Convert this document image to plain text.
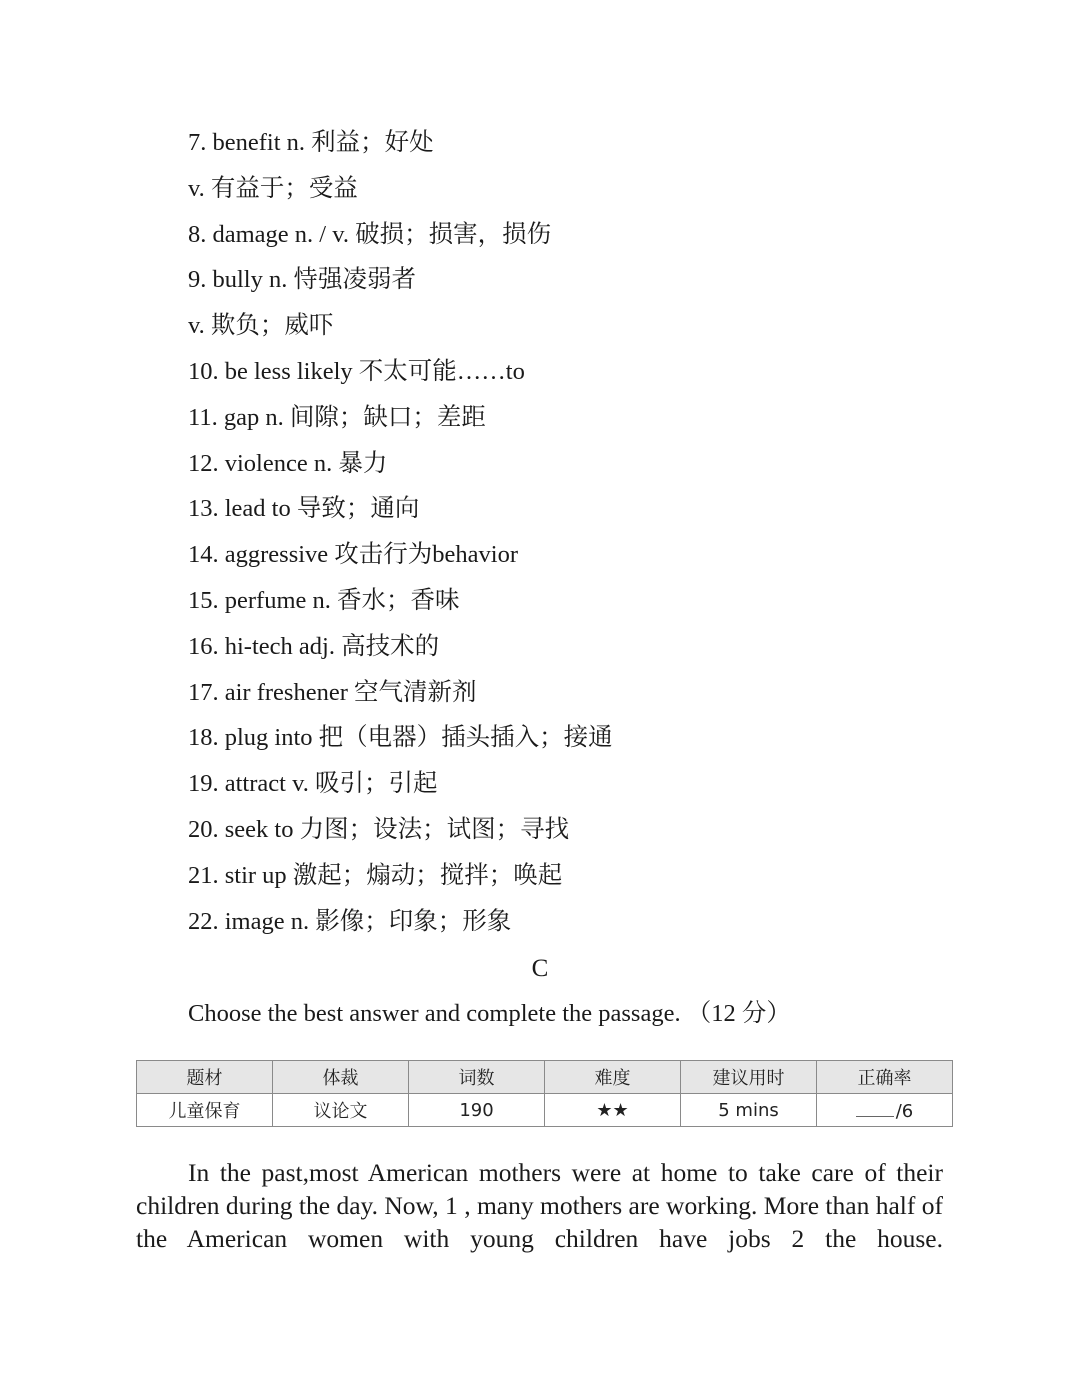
7. benefit n. 利益；好处
v. 有益于；受益
8. damage n. / v. 破损；损害，损伤
9. bully n. 恃强凌弱者
v. 欺负；威吓
10. be less likely 不太可能……to
11. gap n. 间隙；缺口；差距
12. violence n. 暴力
13. lead to 导致；通向
14. aggressive 攻击行为behavior
15. perfume n. 香水；香味
16. hi-tech adj. 高技术的
17. air freshener 空气清新剂
18. plug into 把（电器）插头插入；接通
19. attract v. 吸引；引起
20. seek to 力图；设法；试图；寻找
21. stir up 激起；煽动；搅拌；唤起
22. image n. 影像；印象；形象
C
Choose the best answer and complete the passage. （12 分）
题材	体裁	词数	难度	建议用时	正确率
儿童保育	议论文	190	★★	5 mins	/6

In the past,most American mothers were at home to take care of their children during the day. Now, 1 , many mothers are working. More than half of the American women with young children have jobs 2 the house.
